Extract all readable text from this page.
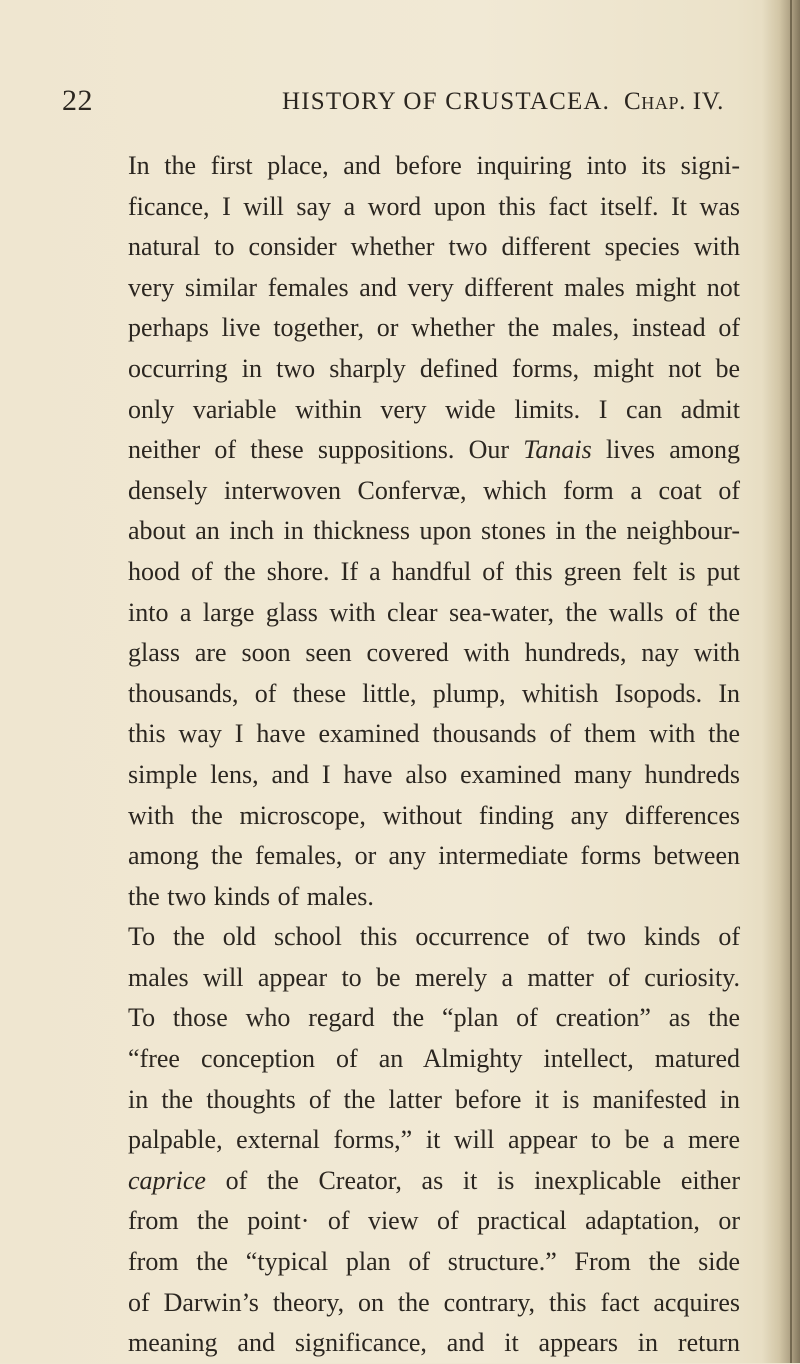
22	HISTORY OF CRUSTACEA. Chap. IV.
In the first place, and before inquiring into its signi-
ficance, I will say a word upon this fact itself. It was
natural to consider whether two different species with
very similar females and very different males might not
perhaps live together, or whether the males, instead of
occurring in two sharply defined forms, might not be
only variable within very wide limits. I can admit
neither of these suppositions. Our Tanais lives among
densely interwoven Confervæ, which form a coat of
about an inch in thickness upon stones in the neighbour-
hood of the shore. If a handful of this green felt is put
into a large glass with clear sea-water, the walls of the
glass are soon seen covered with hundreds, nay with
thousands, of these little, plump, whitish Isopods. In
this way I have examined thousands of them with the
simple lens, and I have also examined many hundreds
with the microscope, without finding any differences
among the females, or any intermediate forms between
the two kinds of males.
To the old school this occurrence of two kinds of
males will appear to be merely a matter of curiosity.
To those who regard the “plan of creation” as the
“free conception of an Almighty intellect, matured
in the thoughts of the latter before it is manifested in
palpable, external forms,” it will appear to be a mere
caprice of the Creator, as it is inexplicable either
from the point· of view of practical adaptation, or
from the “typical plan of structure.” From the side
of Darwin’s theory, on the contrary, this fact acquires
meaning and significance, and it appears in return
